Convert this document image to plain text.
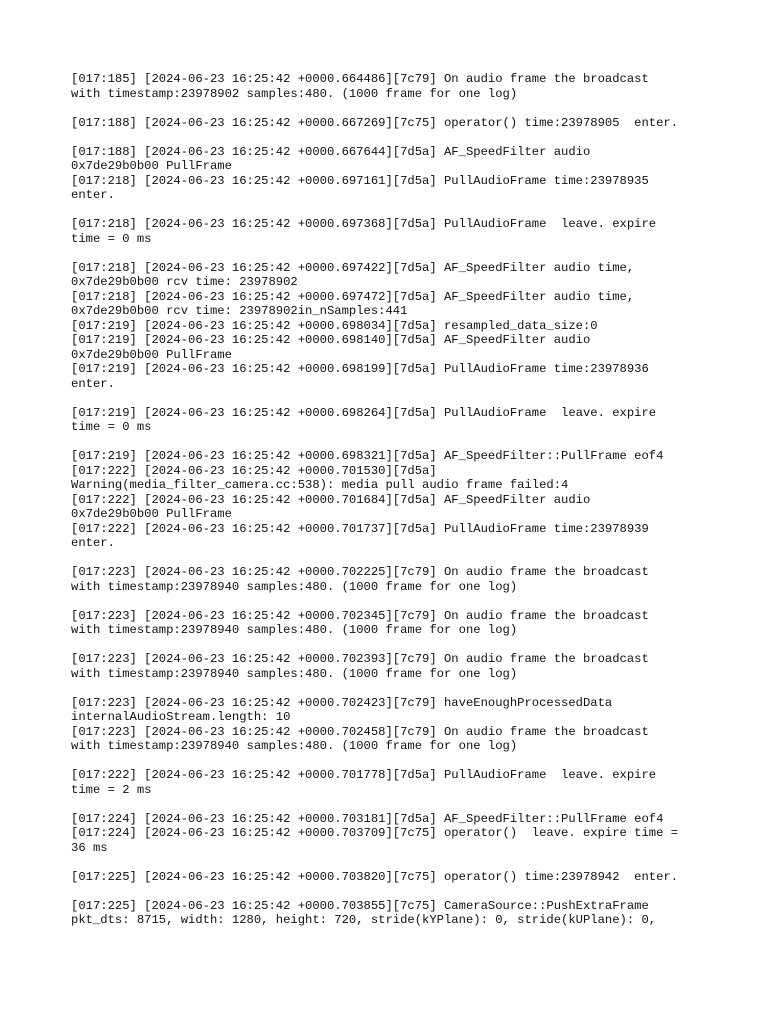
[017:185] [2024-06-23 16:25:42 +0000.664486][7c79] On audio frame the broadcast
with timestamp:23978902 samples:480. (1000 frame for one log)
[017:188] [2024-06-23 16:25:42 +0000.667269][7c75] operator() time:23978905  enter.
[017:188] [2024-06-23 16:25:42 +0000.667644][7d5a] AF_SpeedFilter audio
0x7de29b0b00 PullFrame
[017:218] [2024-06-23 16:25:42 +0000.697161][7d5a] PullAudioFrame time:23978935
enter.
[017:218] [2024-06-23 16:25:42 +0000.697368][7d5a] PullAudioFrame  leave. expire
time = 0 ms
[017:218] [2024-06-23 16:25:42 +0000.697422][7d5a] AF_SpeedFilter audio time,
0x7de29b0b00 rcv time: 23978902
[017:218] [2024-06-23 16:25:42 +0000.697472][7d5a] AF_SpeedFilter audio time,
0x7de29b0b00 rcv time: 23978902in_nSamples:441
[017:219] [2024-06-23 16:25:42 +0000.698034][7d5a] resampled_data_size:0
[017:219] [2024-06-23 16:25:42 +0000.698140][7d5a] AF_SpeedFilter audio
0x7de29b0b00 PullFrame
[017:219] [2024-06-23 16:25:42 +0000.698199][7d5a] PullAudioFrame time:23978936
enter.
[017:219] [2024-06-23 16:25:42 +0000.698264][7d5a] PullAudioFrame  leave. expire
time = 0 ms
[017:219] [2024-06-23 16:25:42 +0000.698321][7d5a] AF_SpeedFilter::PullFrame eof4
[017:222] [2024-06-23 16:25:42 +0000.701530][7d5a]
Warning(media_filter_camera.cc:538): media pull audio frame failed:4
[017:222] [2024-06-23 16:25:42 +0000.701684][7d5a] AF_SpeedFilter audio
0x7de29b0b00 PullFrame
[017:222] [2024-06-23 16:25:42 +0000.701737][7d5a] PullAudioFrame time:23978939
enter.
[017:223] [2024-06-23 16:25:42 +0000.702225][7c79] On audio frame the broadcast
with timestamp:23978940 samples:480. (1000 frame for one log)
[017:223] [2024-06-23 16:25:42 +0000.702345][7c79] On audio frame the broadcast
with timestamp:23978940 samples:480. (1000 frame for one log)
[017:223] [2024-06-23 16:25:42 +0000.702393][7c79] On audio frame the broadcast
with timestamp:23978940 samples:480. (1000 frame for one log)
[017:223] [2024-06-23 16:25:42 +0000.702423][7c79] haveEnoughProcessedData
internalAudioStream.length: 10
[017:223] [2024-06-23 16:25:42 +0000.702458][7c79] On audio frame the broadcast
with timestamp:23978940 samples:480. (1000 frame for one log)
[017:222] [2024-06-23 16:25:42 +0000.701778][7d5a] PullAudioFrame  leave. expire
time = 2 ms
[017:224] [2024-06-23 16:25:42 +0000.703181][7d5a] AF_SpeedFilter::PullFrame eof4
[017:224] [2024-06-23 16:25:42 +0000.703709][7c75] operator()  leave. expire time =
36 ms
[017:225] [2024-06-23 16:25:42 +0000.703820][7c75] operator() time:23978942  enter.
[017:225] [2024-06-23 16:25:42 +0000.703855][7c75] CameraSource::PushExtraFrame
pkt_dts: 8715, width: 1280, height: 720, stride(kYPlane): 0, stride(kUPlane): 0,
